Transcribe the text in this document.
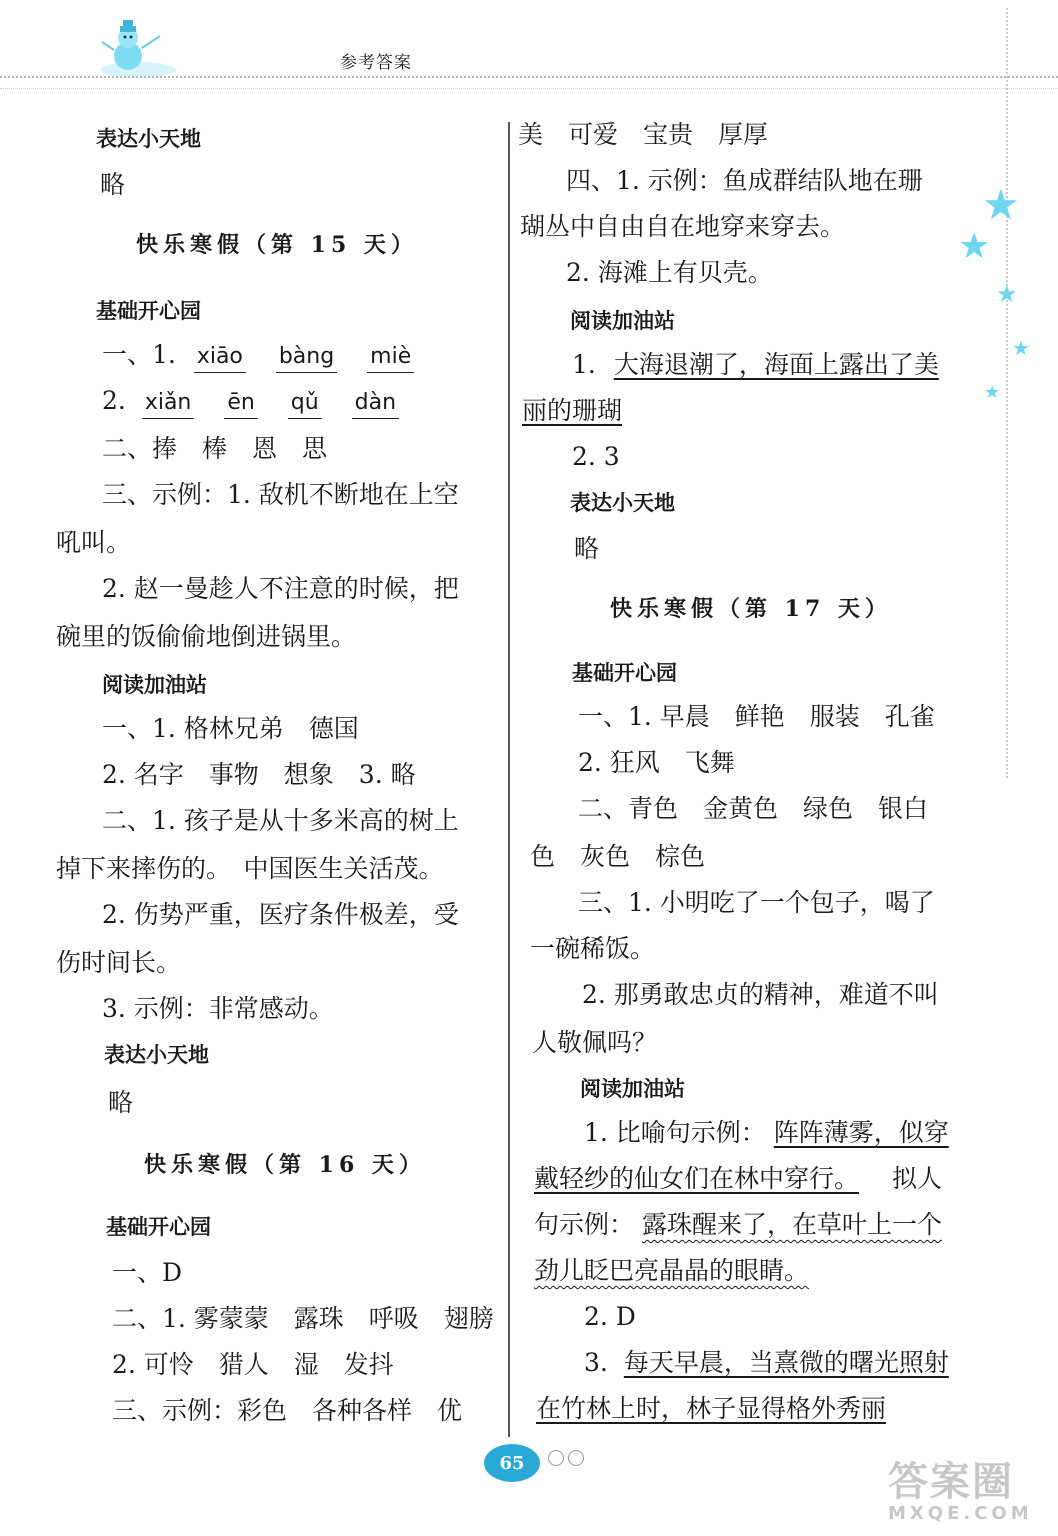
参考答案
★
★
★
★
★
表达小天地
略
快乐寒假（第 15 天）
基础开心园
一、1. xiāo bàng miè
2. xiǎn ēn qǔ dàn
二、捧　棒　恩　思
三、示例：1. 敌机不断地在上空
吼叫。
2. 赵一曼趁人不注意的时候，把
碗里的饭偷偷地倒进锅里。
阅读加油站
一、1. 格林兄弟　德国
2. 名字　事物　想象　3. 略
二、1. 孩子是从十多米高的树上
掉下来摔伤的。　中国医生关活茂。
2. 伤势严重，医疗条件极差，受
伤时间长。
3. 示例：非常感动。
表达小天地
略
快乐寒假（第 16 天）
基础开心园
一、D
二、1. 雾蒙蒙　露珠　呼吸　翅膀
2. 可怜　猎人　湿　发抖
三、示例：彩色　各种各样　优
美　可爱　宝贵　厚厚
四、1. 示例：鱼成群结队地在珊
瑚丛中自由自在地穿来穿去。
2. 海滩上有贝壳。
阅读加油站
1. 大海退潮了，海面上露出了美
丽的珊瑚
2. 3
表达小天地
略
快乐寒假（第 17 天）
基础开心园
一、1. 早晨　鲜艳　服装　孔雀
2. 狂风　飞舞
二、青色　金黄色　绿色　银白
色　灰色　棕色
三、1. 小明吃了一个包子，喝了
一碗稀饭。
2. 那勇敢忠贞的精神，难道不叫
人敬佩吗？
阅读加油站
1. 比喻句示例： 阵阵薄雾，似穿
戴轻纱的仙女们在林中穿行。 　拟人
句示例： 露珠醒来了，在草叶上一个
劲儿眨巴亮晶晶的眼睛。
2. D
3. 每天早晨，当熹微的曙光照射
在竹林上时，林子显得格外秀丽
65	答案圈
MXQE.COM
